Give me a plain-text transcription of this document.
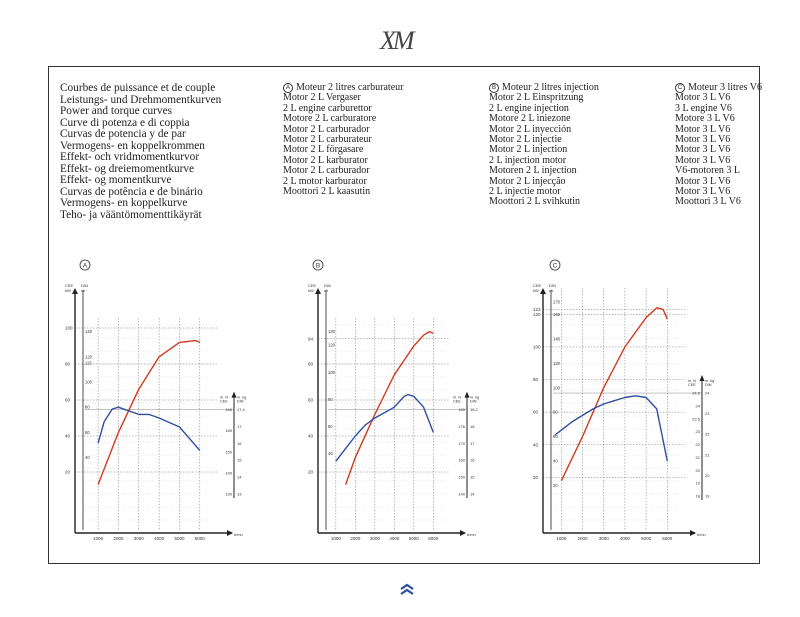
XM
Courbes de puissance et de couple
Leistungs- und Drehmomentkurven
Power and torque curves
Curve di potenza e di coppia
Curvas de potencia y de par
Vermogens- en koppelkrommen
Effekt- och vridmomentkurvor
Effekt- og dreiemomentkurve
Effekt- og momentkurve
Curvas de potência e de binário
Vermogens- en koppelkurve
Teho- ja vääntömomenttikäyrät
A Moteur 2 litres carburateur
Motor 2 L Vergaser
2 L engine carburettor
Motore 2 L carburatore
Motor 2 L carburador
Motor 2 L carburateur
Motor 2 L förgasare
Motor 2 L karburator
Motor 2 L carburador
2 L motor karburator
Moottori 2 L kaasutin
B Moteur 2 litres injection
Motor 2 L Einspritzung
2 L engine injection
Motore 2 L iniezone
Motor 2 L inyección
Motor 2 L injectie
Motor 2 L injection
2 L injection motor
Motoren 2 L injection
Motor 2 L injecção
2 L injectie motor
Moottori 2 L svihkutin
C Moteur 3 litres V6
Motor 3 L V6
3 L engine V6
Motore 3 L V6
Motor 3 L V6
Motor 3 L V6
Motor 3 L V6
Motor 3 L V6
V6-motoren 3 L
Motor 3 L V6
Motor 3 L V6
Moottori 3 L V6
A
20
40
60
80
100
CEE
kW
DIN
ch
40
60
80
100
115
120
140
1000 2000 3000 4000 5000 6000
tr/mn
m. N
CEE
m. kg
DIN
130
140
150
160
166
13
14
15
16
17
17.4
B
20
40
60
80
94
CEE
kW
DIN
ch
40
60
80
100
120
130
1000 2000 3000 4000 5000 6000
tr/mn
m. N
CEE
m. kg
DIN
140
150
160
170
176
180
14
15
16
17
18
18.2
C
20
40
60
80
100
120
123
CEE
kW
DIN
ch
20
40
60
80
100
120
140
160
170
1000 2000 3000 4000 5000 6000
tr/mn
m. N
CEE
m. kg
DIN
18
19
20
21
22
23
23.5
24
24.5
19
20
21
22
23
24
